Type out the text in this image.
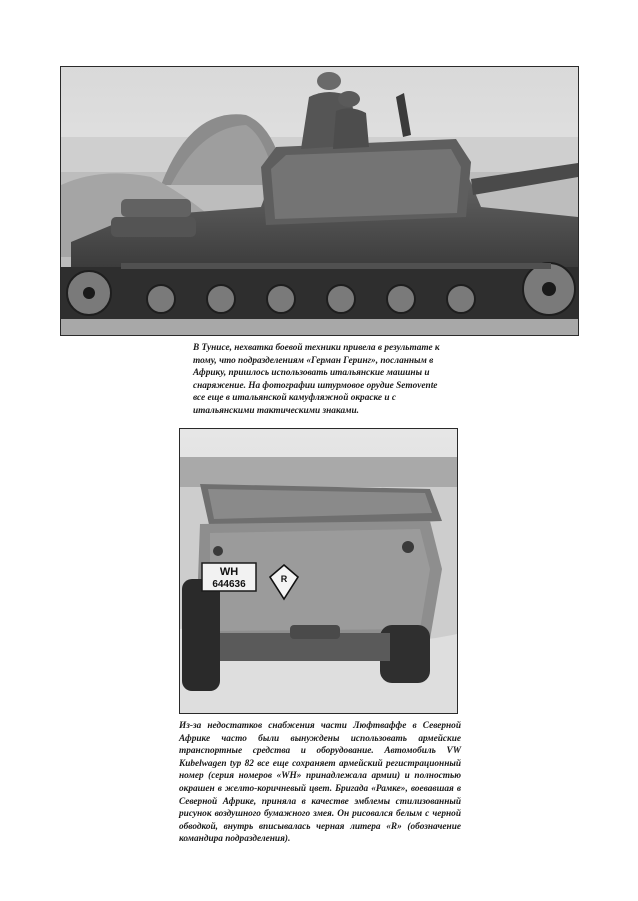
В Тунисе, нехватка боевой техники привела в результате к тому, что подразделениям «Герман Геринг», посланным в Африку, пришлось использовать итальянские машины и снаряжение. На фотографии штурмовое орудие Semovente все еще в итальянской камуфляжной окраске и с итальянскими тактическими знаками.

WH
644636	R

Из-за недостатков снабжения части Люфтваффе в Северной Африке часто были вынуждены использовать армейские транспортные средства и оборудование. Автомобиль VW Kubelwagen typ 82 все еще сохраняет армейский регистрационный номер (серия номеров «WH» принадлежала армии) и полностью окрашен в желто-коричневый цвет. Бригада «Рамке», воевавшая в Северной Африке, приняла в качестве эмблемы стилизованный рисунок воздушного бумажного змея. Он рисовался белым с черной обводкой, внутрь вписывалась черная литера «R» (обозначение командира подразделения).
